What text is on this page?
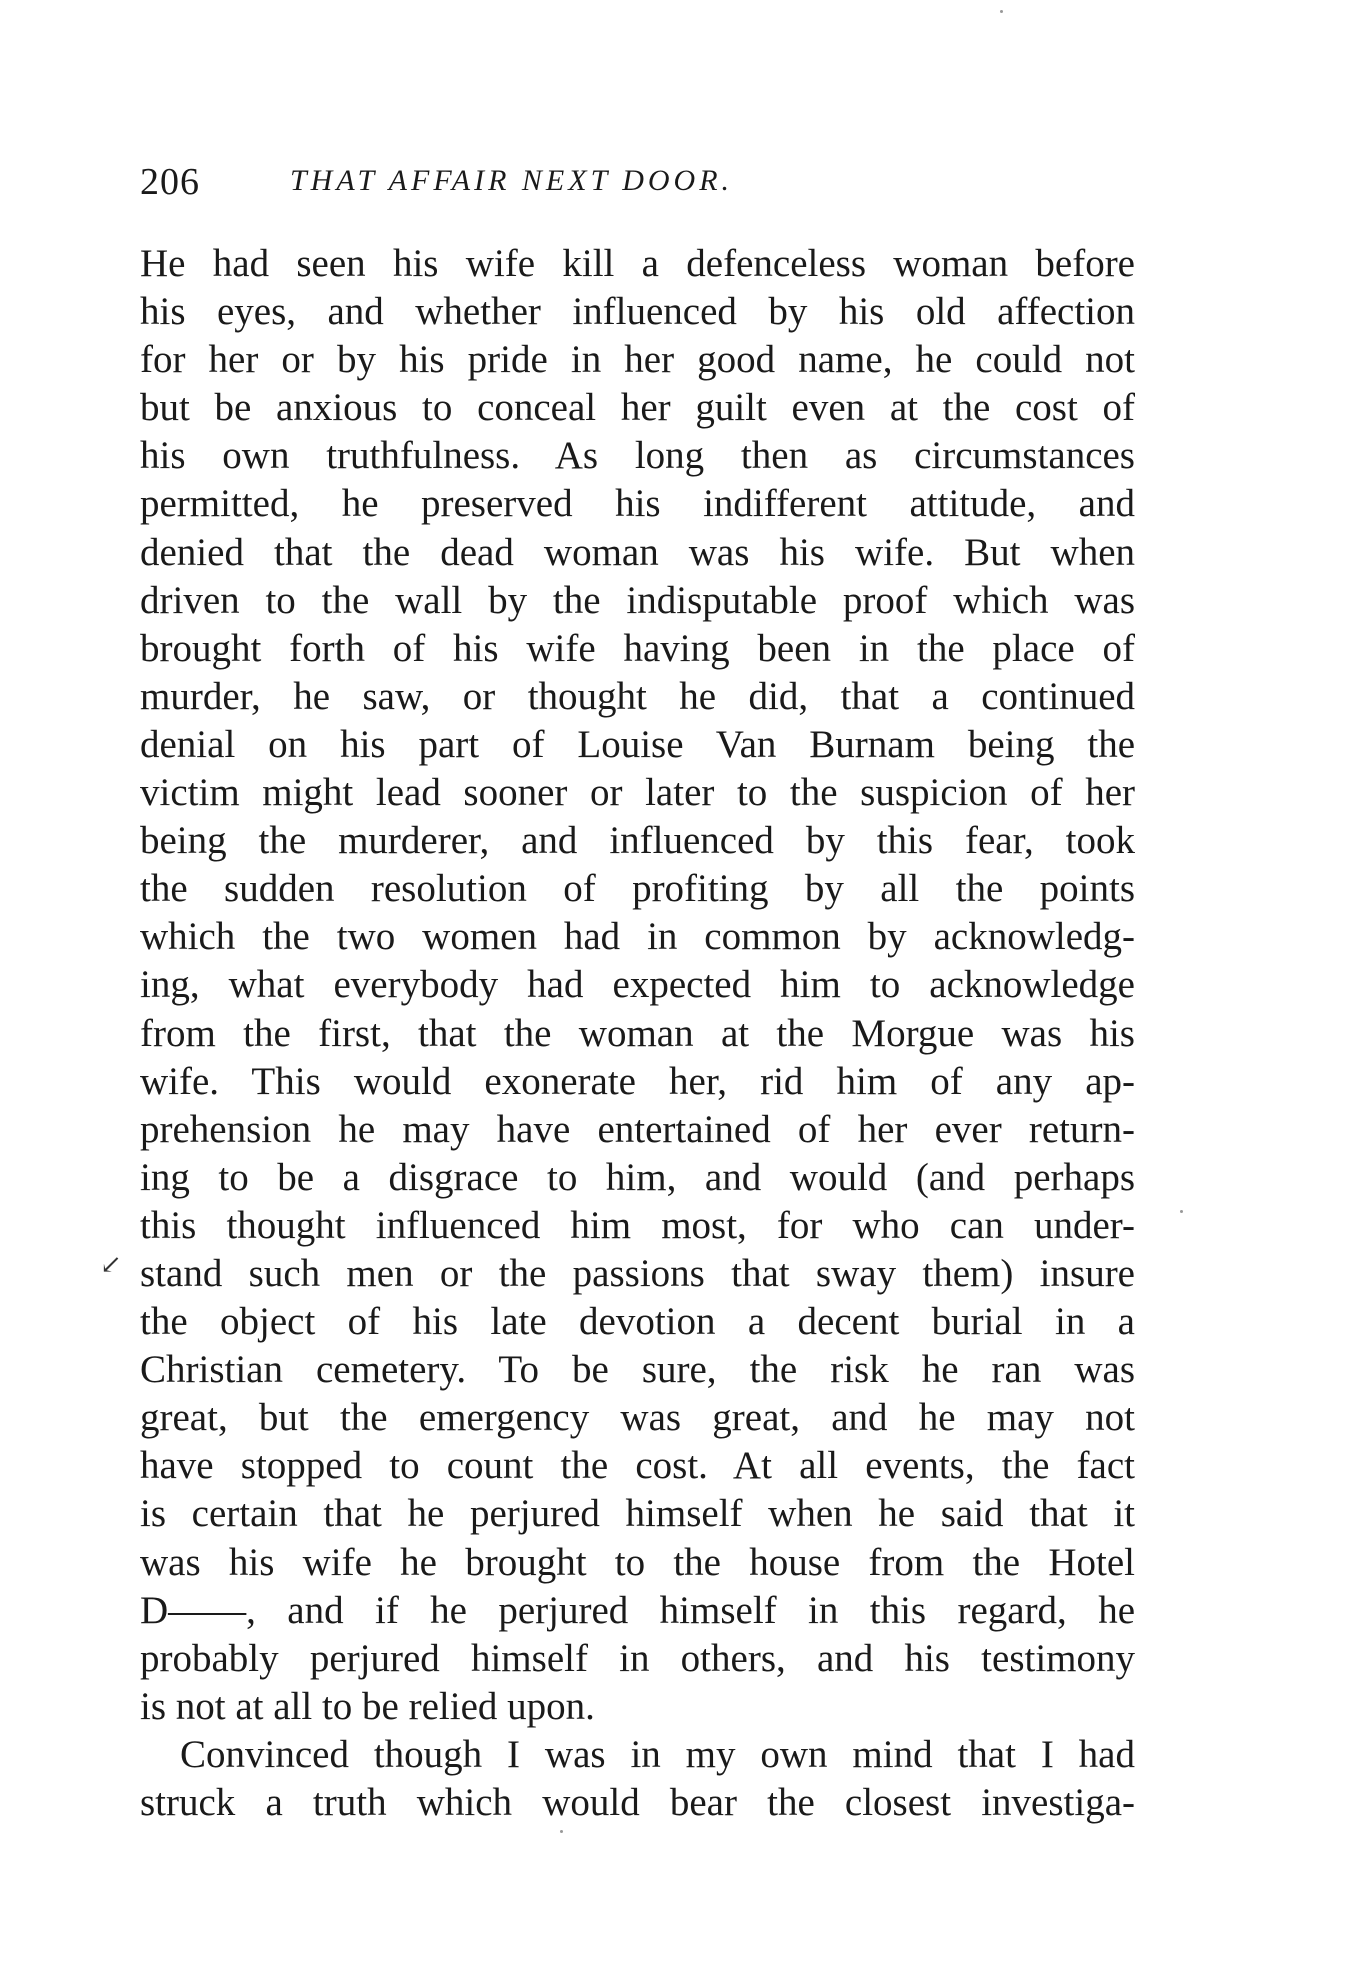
206	THAT AFFAIR NEXT DOOR.
He had seen his wife kill a defenceless woman before
his eyes, and whether influenced by his old affection
for her or by his pride in her good name, he could not
but be anxious to conceal her guilt even at the cost of
his own truthfulness. As long then as circumstances
permitted, he preserved his indifferent attitude, and
denied that the dead woman was his wife. But when
driven to the wall by the indisputable proof which was
brought forth of his wife having been in the place of
murder, he saw, or thought he did, that a continued
denial on his part of Louise Van Burnam being the
victim might lead sooner or later to the suspicion of her
being the murderer, and influenced by this fear, took
the sudden resolution of profiting by all the points
which the two women had in common by acknowledg-
ing, what everybody had expected him to acknowledge
from the first, that the woman at the Morgue was his
wife. This would exonerate her, rid him of any ap-
prehension he may have entertained of her ever return-
ing to be a disgrace to him, and would (and perhaps
this thought influenced him most, for who can under-
stand such men or the passions that sway them) insure
the object of his late devotion a decent burial in a
Christian cemetery. To be sure, the risk he ran was
great, but the emergency was great, and he may not
have stopped to count the cost. At all events, the fact
is certain that he perjured himself when he said that it
was his wife he brought to the house from the Hotel
D——, and if he perjured himself in this regard, he
probably perjured himself in others, and his testimony
is not at all to be relied upon.
Convinced though I was in my own mind that I had
struck a truth which would bear the closest investiga-
↙
